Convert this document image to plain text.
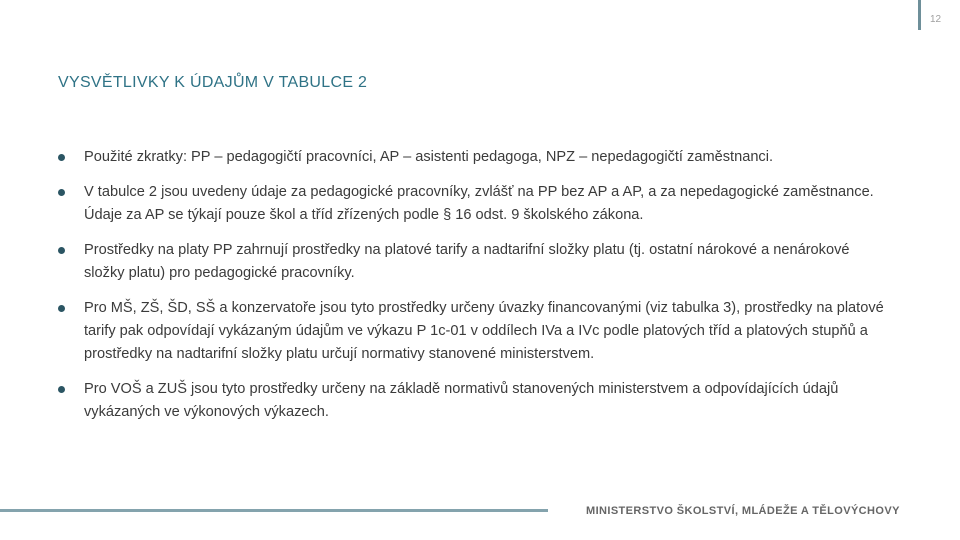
12
VYSVĚTLIVKY K ÚDAJŮM V TABULCE 2
Použité zkratky: PP – pedagogičtí pracovníci, AP – asistenti pedagoga, NPZ – nepedagogičtí zaměstnanci.
V tabulce 2 jsou uvedeny údaje za pedagogické pracovníky, zvlášť na PP bez AP a AP, a za nepedagogické zaměstnance. Údaje za AP se týkají pouze škol a tříd zřízených podle § 16 odst. 9 školského zákona.
Prostředky na platy PP zahrnují prostředky na platové tarify a nadtarifní složky platu (tj. ostatní nárokové a nenárokové složky platu) pro pedagogické pracovníky.
Pro MŠ, ZŠ, ŠD, SŠ a konzervatoře jsou tyto prostředky určeny úvazky financovanými (viz tabulka 3), prostředky na platové tarify pak odpovídají vykázaným údajům ve výkazu P 1c-01 v oddílech IVa a IVc podle platových tříd a platových stupňů a prostředky na nadtarifní složky platu určují normativy stanovené ministerstvem.
Pro VOŠ a ZUŠ jsou tyto prostředky určeny na základě normativů stanovených ministerstvem a odpovídajících údajů vykázaných ve výkonových výkazech.
MINISTERSTVO ŠKOLSTVÍ, MLÁDEŽE A TĚLOVÝCHOVY
